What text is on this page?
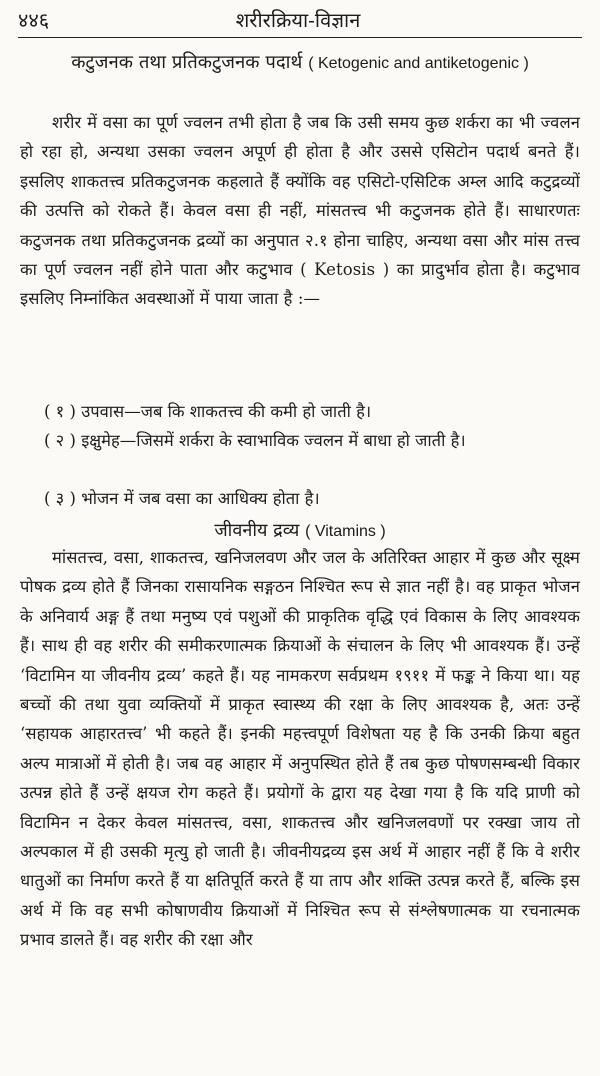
४४६	शरीरक्रिया-विज्ञान
कटुजनक तथा प्रतिकटुजनक पदार्थ ( Ketogenic and antiketogenic )
शरीर में वसा का पूर्ण ज्वलन तभी होता है जब कि उसी समय कुछ शर्करा का भी ज्वलन हो रहा हो, अन्यथा उसका ज्वलन अपूर्ण ही होता है और उससे एसिटोन पदार्थ बनते हैं। इसलिए शाकतत्त्व प्रतिकटुजनक कहलाते हैं क्योंकि वह एसिटो-एसिटिक अम्ल आदि कटुद्रव्यों की उत्पत्ति को रोकते हैं। केवल वसा ही नहीं, मांसतत्त्व भी कटुजनक होते हैं। साधारणतः कटुजनक तथा प्रतिकटुजनक द्रव्यों का अनुपात २.१ होना चाहिए, अन्यथा वसा और मांस तत्त्व का पूर्ण ज्वलन नहीं होने पाता और कटुभाव ( Ketosis ) का प्रादुर्भाव होता है। कटुभाव इसलिए निम्नांकित अवस्थाओं में पाया जाता है :—
( १ ) उपवास—जब कि शाकतत्त्व की कमी हो जाती है।
( २ ) इक्षुमेह—जिसमें शर्करा के स्वाभाविक ज्वलन में बाधा हो जाती है।
( ३ ) भोजन में जब वसा का आधिक्य होता है।
जीवनीय द्रव्य ( Vitamins )
मांसतत्त्व, वसा, शाकतत्त्व, खनिजलवण और जल के अतिरिक्त आहार में कुछ और सूक्ष्म पोषक द्रव्य होते हैं जिनका रासायनिक सङ्गठन निश्चित रूप से ज्ञात नहीं है। वह प्राकृत भोजन के अनिवार्य अङ्ग हैं तथा मनुष्य एवं पशुओं की प्राकृतिक वृद्धि एवं विकास के लिए आवश्यक हैं। साथ ही वह शरीर की समीकरणात्मक क्रियाओं के संचालन के लिए भी आवश्यक हैं। उन्हें ‘विटामिन या जीवनीय द्रव्य’ कहते हैं। यह नामकरण सर्वप्रथम १९११ में फङ्क ने किया था। यह बच्चों की तथा युवा व्यक्तियों में प्राकृत स्वास्थ्य की रक्षा के लिए आवश्यक है, अतः उन्हें ‘सहायक आहारतत्त्व’ भी कहते हैं। इनकी महत्त्वपूर्ण विशेषता यह है कि उनकी क्रिया बहुत अल्प मात्राओं में होती है। जब वह आहार में अनुपस्थित होते हैं तब कुछ पोषणसम्बन्धी विकार उत्पन्न होते हैं उन्हें क्षयज रोग कहते हैं। प्रयोगों के द्वारा यह देखा गया है कि यदि प्राणी को विटामिन न देकर केवल मांसतत्त्व, वसा, शाकतत्त्व और खनिजलवणों पर रक्खा जाय तो अल्पकाल में ही उसकी मृत्यु हो जाती है। जीवनीयद्रव्य इस अर्थ में आहार नहीं हैं कि वे शरीर धातुओं का निर्माण करते हैं या क्षतिपूर्ति करते हैं या ताप और शक्ति उत्पन्न करते हैं, बल्कि इस अर्थ में कि वह सभी कोषाणवीय क्रियाओं में निश्चित रूप से संश्लेषणात्मक या रचनात्मक प्रभाव डालते हैं। वह शरीर की रक्षा और
